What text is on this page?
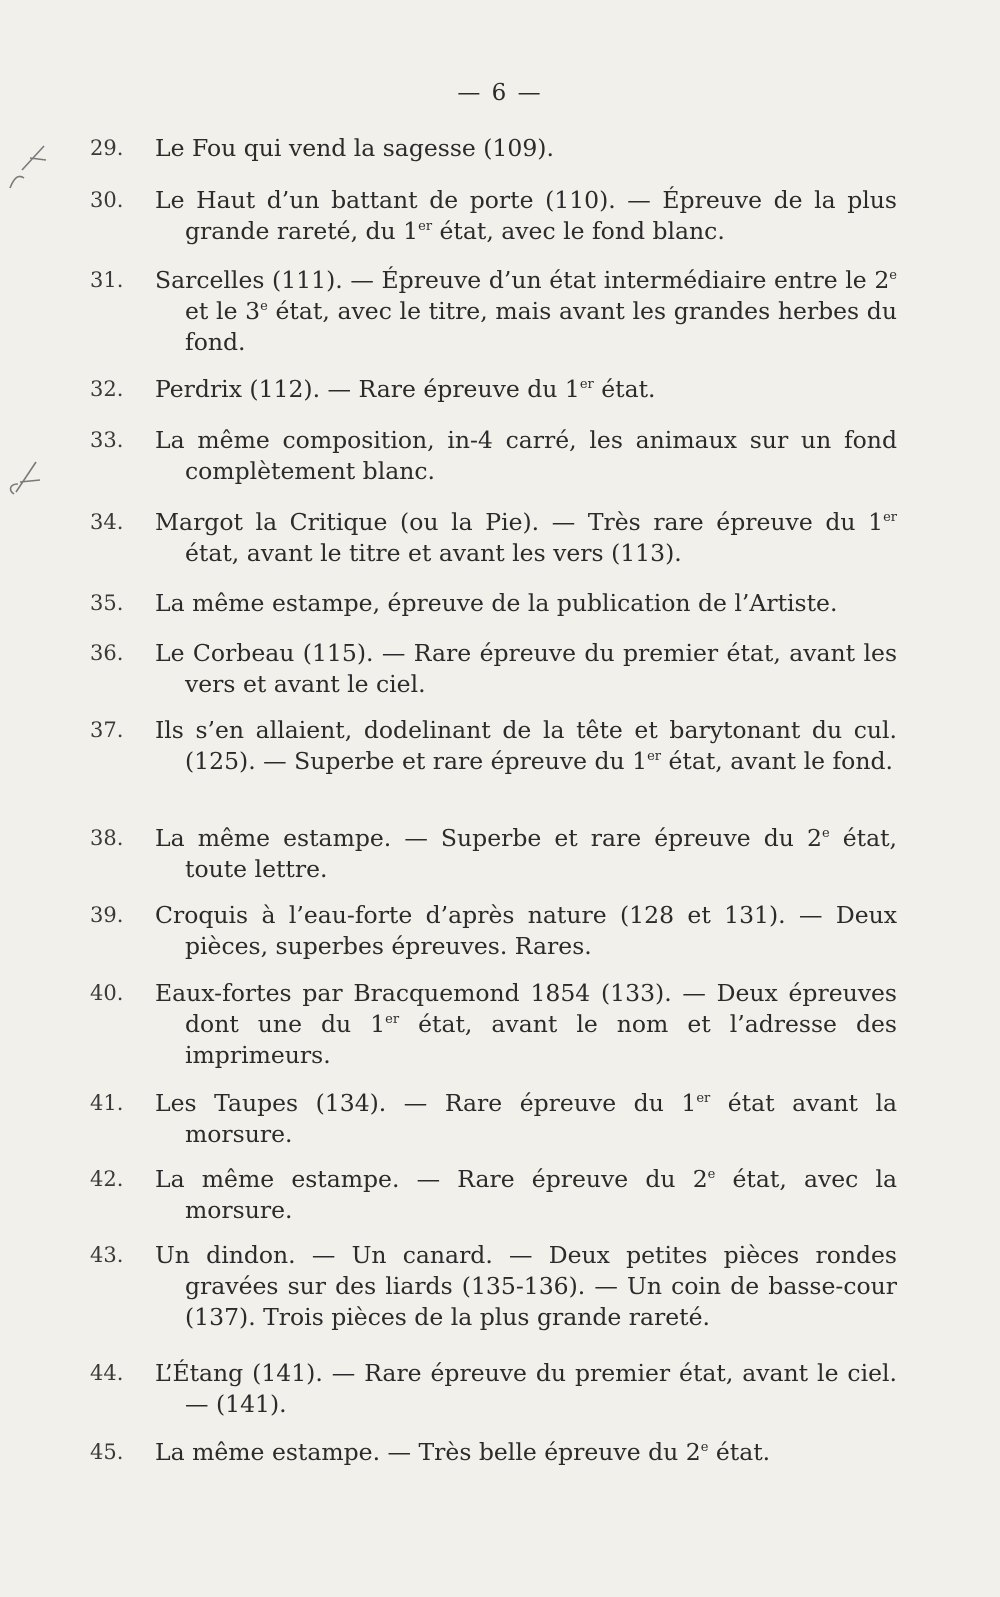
— 6 —
29.	Le Fou qui vend la sagesse (109).
30.	Le Haut d’un battant de porte (110). — Épreuve de la plus grande rareté, du 1er état, avec le fond blanc.
31.	Sarcelles (111). — Épreuve d’un état intermédiaire entre le 2e et le 3e état, avec le titre, mais avant les grandes herbes du fond.
32.	Perdrix (112). — Rare épreuve du 1er état.
33.	La même composition, in-4 carré, les animaux sur un fond complètement blanc.
34.	Margot la Critique (ou la Pie). — Très rare épreuve du 1er état, avant le titre et avant les vers (113).
35.	La même estampe, épreuve de la publication de l’Artiste.
36.	Le Corbeau (115). — Rare épreuve du premier état, avant les vers et avant le ciel.
37.	Ils s’en allaient, dodelinant de la tête et barytonant du cul. (125). — Superbe et rare épreuve du 1er état, avant le fond.
38.	La même estampe. — Superbe et rare épreuve du 2e état, toute lettre.
39.	Croquis à l’eau-forte d’après nature (128 et 131). — Deux pièces, superbes épreuves. Rares.
40.	Eaux-fortes par Bracquemond 1854 (133). — Deux épreuves dont une du 1er état, avant le nom et l’adresse des imprimeurs.
41.	Les Taupes (134). — Rare épreuve du 1er état avant la morsure.
42.	La même estampe. — Rare épreuve du 2e état, avec la morsure.
43.	Un dindon. — Un canard. — Deux petites pièces rondes gravées sur des liards (135-136). — Un coin de basse-cour (137). Trois pièces de la plus grande rareté.
44.	L’Étang (141). — Rare épreuve du premier état, avant le ciel. — (141).
45.	La même estampe. — Très belle épreuve du 2e état.
